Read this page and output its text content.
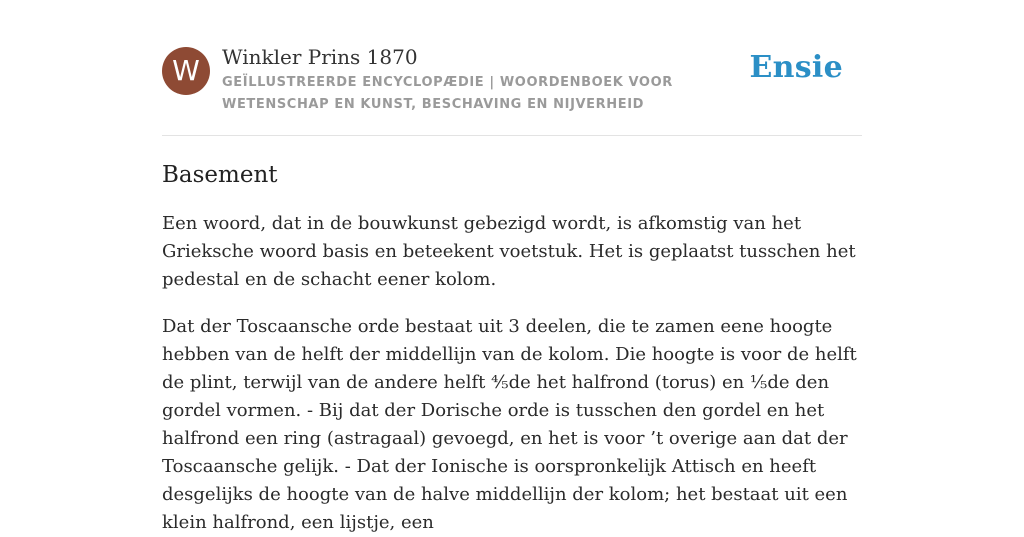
W	Winkler Prins 1870
GEÏLLUSTREERDE ENCYCLOPÆDIE | WOORDENBOEK VOOR WETENSCHAP EN KUNST, BESCHAVING EN NIJVERHEID
Ensie
Basement

Een woord, dat in de bouwkunst gebezigd wordt, is afkomstig van het Grieksche woord basis en beteekent voetstuk. Het is geplaatst tusschen het pedestal en de schacht eener kolom.

Dat der Toscaansche orde bestaat uit 3 deelen, die te zamen eene hoogte hebben van de helft der middellijn van de kolom. Die hoogte is voor de helft de plint, terwijl van de andere helft ⅘de het halfrond (torus) en ⅕de den gordel vormen. - Bij dat der Dorische orde is tusschen den gordel en het halfrond een ring (astragaal) gevoegd, en het is voor ’t overige aan dat der Toscaansche gelijk. - Dat der Ionische is oorspronkelijk Attisch en heeft desgelijks de hoogte van de halve middellijn der kolom; het bestaat uit een klein halfrond, een lijstje, een
